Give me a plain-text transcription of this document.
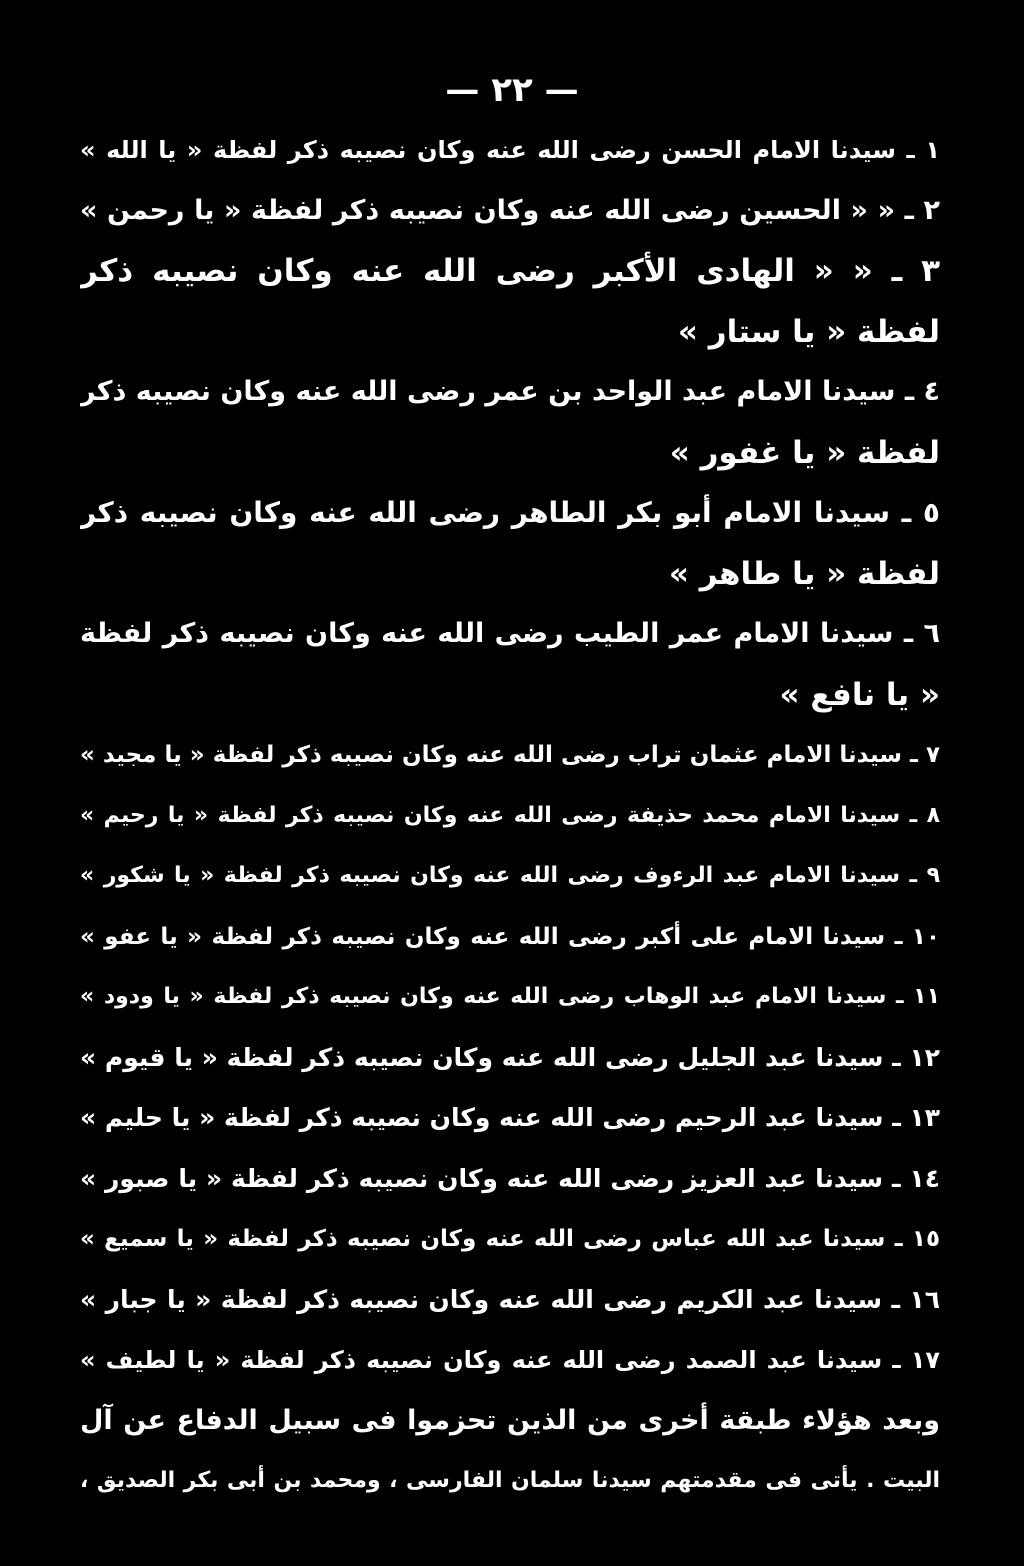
— ٢٢ —
١ ـ سيدنا الامام الحسن رضى الله عنه وكان نصيبه ذكر لفظة « يا الله »
٢ ـ « « الحسين رضى الله عنه وكان نصيبه ذكر لفظة « يا رحمن »
٣ ـ « « الهادى الأكبر رضى الله عنه وكان نصيبه ذكر
لفظة « يا ستار »
٤ ـ سيدنا الامام عبد الواحد بن عمر رضى الله عنه وكان نصيبه ذكر
لفظة « يا غفور »
٥ ـ سيدنا الامام أبو بكر الطاهر رضى الله عنه وكان نصيبه ذكر
لفظة « يا طاهر »
٦ ـ سيدنا الامام عمر الطيب رضى الله عنه وكان نصيبه ذكر لفظة
« يا نافع »
٧ ـ سيدنا الامام عثمان تراب رضى الله عنه وكان نصيبه ذكر لفظة « يا مجيد »
٨ ـ سيدنا الامام محمد حذيفة رضى الله عنه وكان نصيبه ذكر لفظة « يا رحيم »
٩ ـ سيدنا الامام عبد الرءوف رضى الله عنه وكان نصيبه ذكر لفظة « يا شكور »
١٠ ـ سيدنا الامام على أكبر رضى الله عنه وكان نصيبه ذكر لفظة « يا عفو »
١١ ـ سيدنا الامام عبد الوهاب رضى الله عنه وكان نصيبه ذكر لفظة « يا ودود »
١٢ ـ سيدنا عبد الجليل رضى الله عنه وكان نصيبه ذكر لفظة « يا قيوم »
١٣ ـ سيدنا عبد الرحيم رضى الله عنه وكان نصيبه ذكر لفظة « يا حليم »
١٤ ـ سيدنا عبد العزيز رضى الله عنه وكان نصيبه ذكر لفظة « يا صبور »
١٥ ـ سيدنا عبد الله عباس رضى الله عنه وكان نصيبه ذكر لفظة « يا سميع »
١٦ ـ سيدنا عبد الكريم رضى الله عنه وكان نصيبه ذكر لفظة « يا جبار »
١٧ ـ سيدنا عبد الصمد رضى الله عنه وكان نصيبه ذكر لفظة « يا لطيف »
وبعد هؤلاء طبقة أخرى من الذين تحزموا فى سبيل الدفاع عن آل
البيت . يأتى فى مقدمتهم سيدنا سلمان الفارسى ، ومحمد بن أبى بكر الصديق ،
